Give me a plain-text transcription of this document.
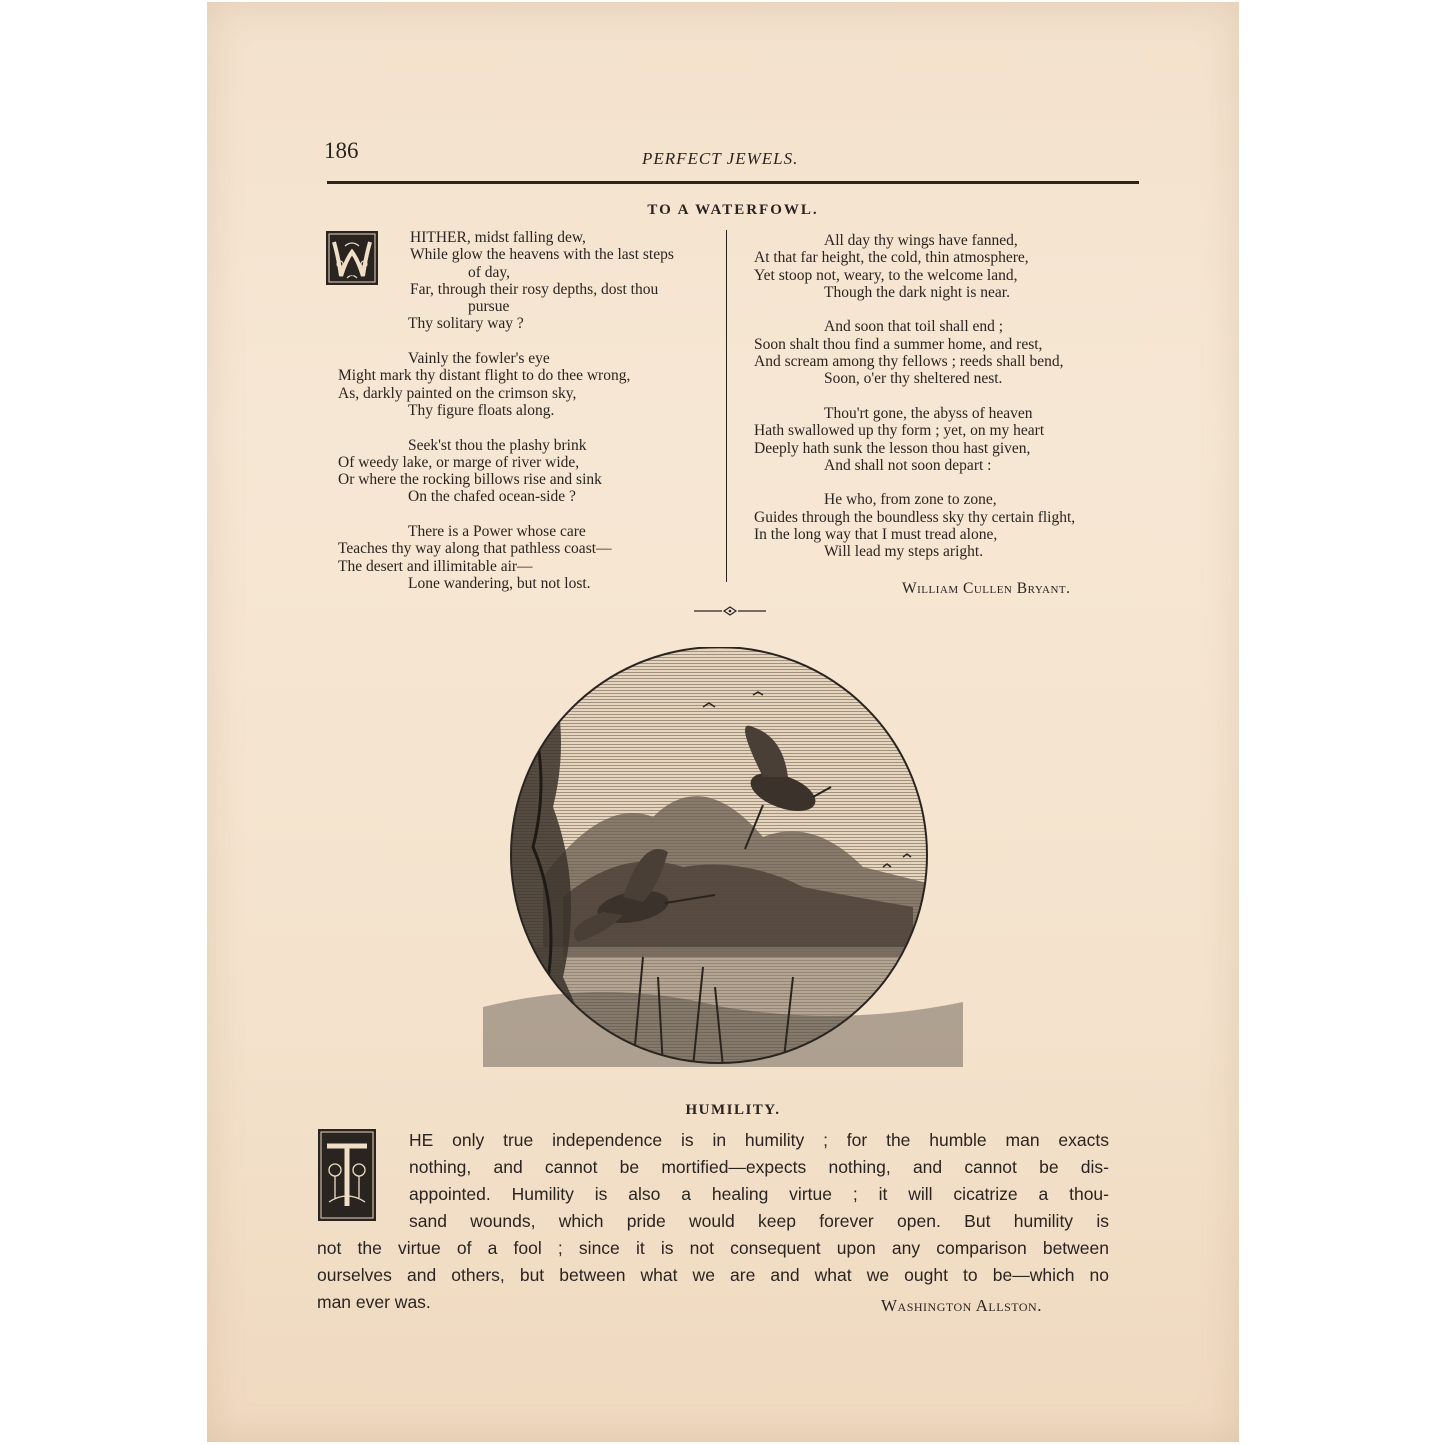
186	PERFECT JEWELS.
TO A WATERFOWL.
W
HITHER, midst falling dew,
While glow the heavens with the last steps
of day,
Far, through their rosy depths, dost thou
pursue
Thy solitary way ?
Vainly the fowler's eye
Might mark thy distant flight to do thee wrong,
As, darkly painted on the crimson sky,
Thy figure floats along.
Seek'st thou the plashy brink
Of weedy lake, or marge of river wide,
Or where the rocking billows rise and sink
On the chafed ocean-side ?
There is a Power whose care
Teaches thy way along that pathless coast—
The desert and illimitable air—
Lone wandering, but not lost.
All day thy wings have fanned,
At that far height, the cold, thin atmosphere,
Yet stoop not, weary, to the welcome land,
Though the dark night is near.
And soon that toil shall end ;
Soon shalt thou find a summer home, and rest,
And scream among thy fellows ; reeds shall bend,
Soon, o'er thy sheltered nest.
Thou'rt gone, the abyss of heaven
Hath swallowed up thy form ; yet, on my heart
Deeply hath sunk the lesson thou hast given,
And shall not soon depart :
He who, from zone to zone,
Guides through the boundless sky thy certain flight,
In the long way that I must tread alone,
Will lead my steps aright.
William Cullen Bryant.
HUMILITY.
T
HE only true independence is in humility ; for the humble man exacts
nothing, and cannot be mortified—expects nothing, and cannot be dis-
appointed. Humility is also a healing virtue ; it will cicatrize a thou-
sand wounds, which pride would keep forever open. But humility is
not the virtue of a fool ; since it is not consequent upon any comparison between
ourselves and others, but between what we are and what we ought to be—which no
man ever was.	Washington Allston.
